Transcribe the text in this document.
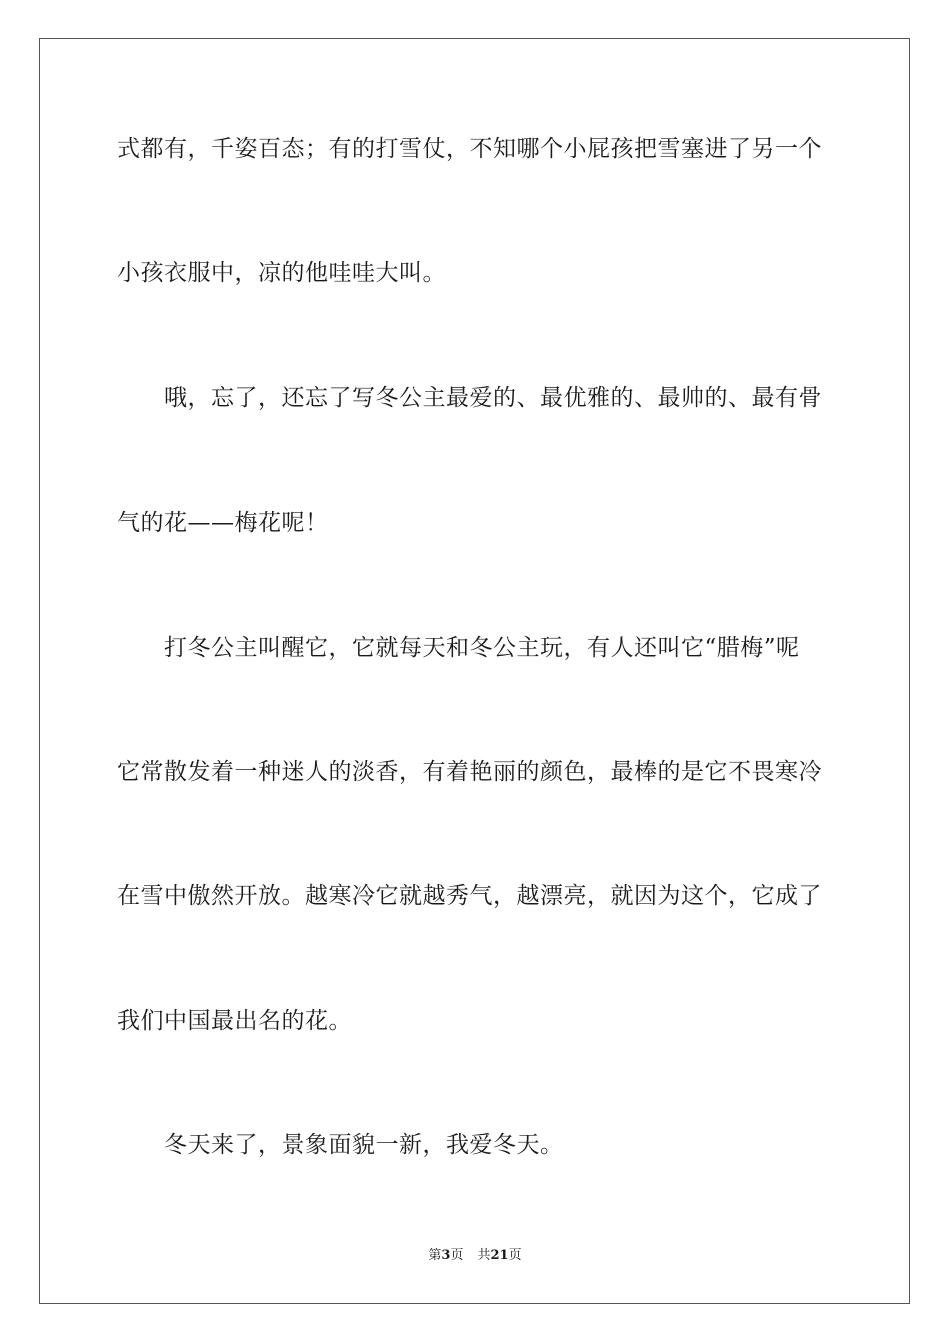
式都有，千姿百态；有的打雪仗，不知哪个小屁孩把雪塞进了另一个
小孩衣服中，凉的他哇哇大叫。
哦，忘了，还忘了写冬公主最爱的、最优雅的、最帅的、最有骨
气的花——梅花呢！
打冬公主叫醒它，它就每天和冬公主玩，有人还叫它“腊梅”呢
它常散发着一种迷人的淡香，有着艳丽的颜色，最棒的是它不畏寒冷
在雪中傲然开放。越寒冷它就越秀气，越漂亮，就因为这个，它成了
我们中国最出名的花。
冬天来了，景象面貌一新，我爱冬天。
第3页 共21页
